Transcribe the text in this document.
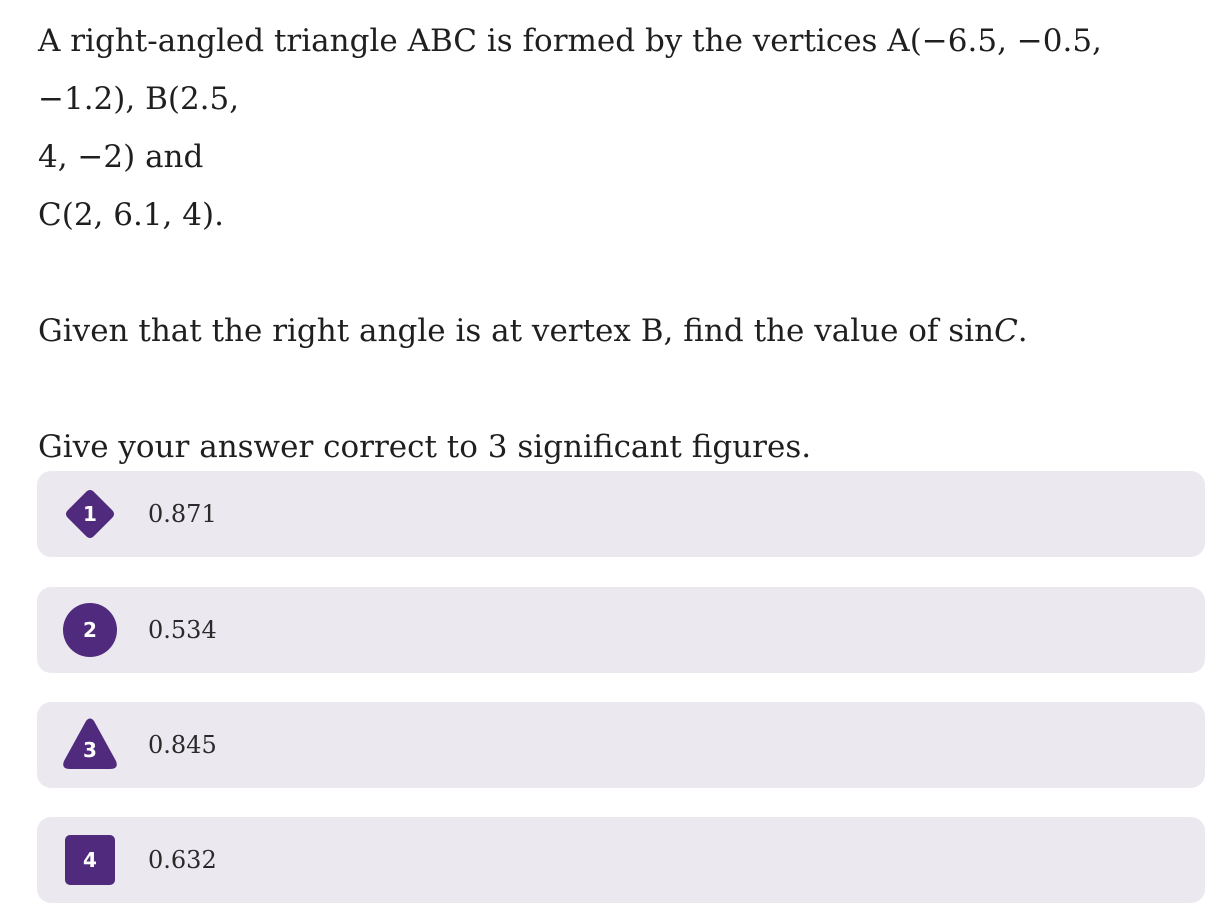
A right-angled triangle ABC is formed by the vertices A(−6.5, −0.5, −1.2), B(2.5,

4, −2) and

C(2, 6.1, 4).

Given that the right angle is at vertex B, find the value of sinC.

Give your answer correct to 3 significant figures.

1	0.871
2	0.534
3	0.845
4	0.632
